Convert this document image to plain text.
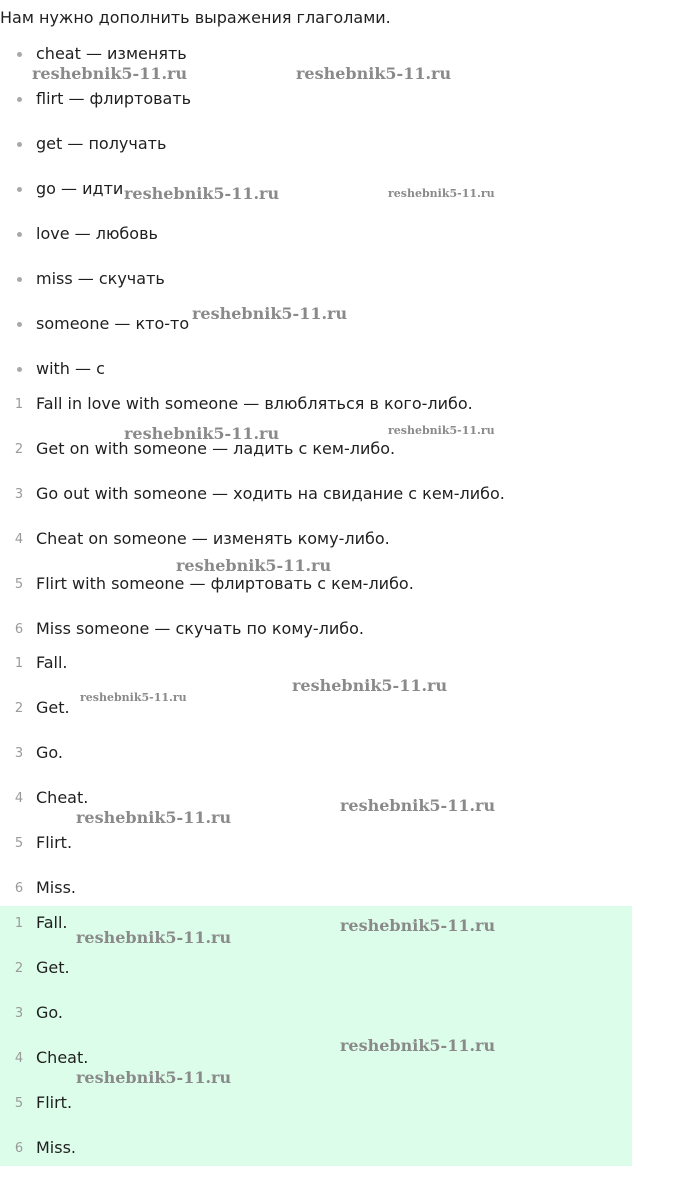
Нам нужно дополнить выражения глаголами.
cheat — изменять
flirt — флиртовать
get — получать
go — идти
love — любовь
miss — скучать
someone — кто-то
with — с
1 Fall in love with someone — влюбляться в кого-либо.
2 Get on with someone — ладить с кем-либо.
3 Go out with someone — ходить на свидание с кем-либо.
4 Cheat on someone — изменять кому-либо.
5 Flirt with someone — флиртовать с кем-либо.
6 Miss someone — скучать по кому-либо.
1 Fall.
2 Get.
3 Go.
4 Cheat.
5 Flirt.
6 Miss.
1 Fall.
2 Get.
3 Go.
4 Cheat.
5 Flirt.
6 Miss.
reshebnik5-11.ru	reshebnik5-11.ru
reshebnik5-11.ru	reshebnik5-11.ru
reshebnik5-11.ru
reshebnik5-11.ru	reshebnik5-11.ru
reshebnik5-11.ru
reshebnik5-11.ru
reshebnik5-11.ru
reshebnik5-11.ru
reshebnik5-11.ru
reshebnik5-11.ru
reshebnik5-11.ru
reshebnik5-11.ru
reshebnik5-11.ru
